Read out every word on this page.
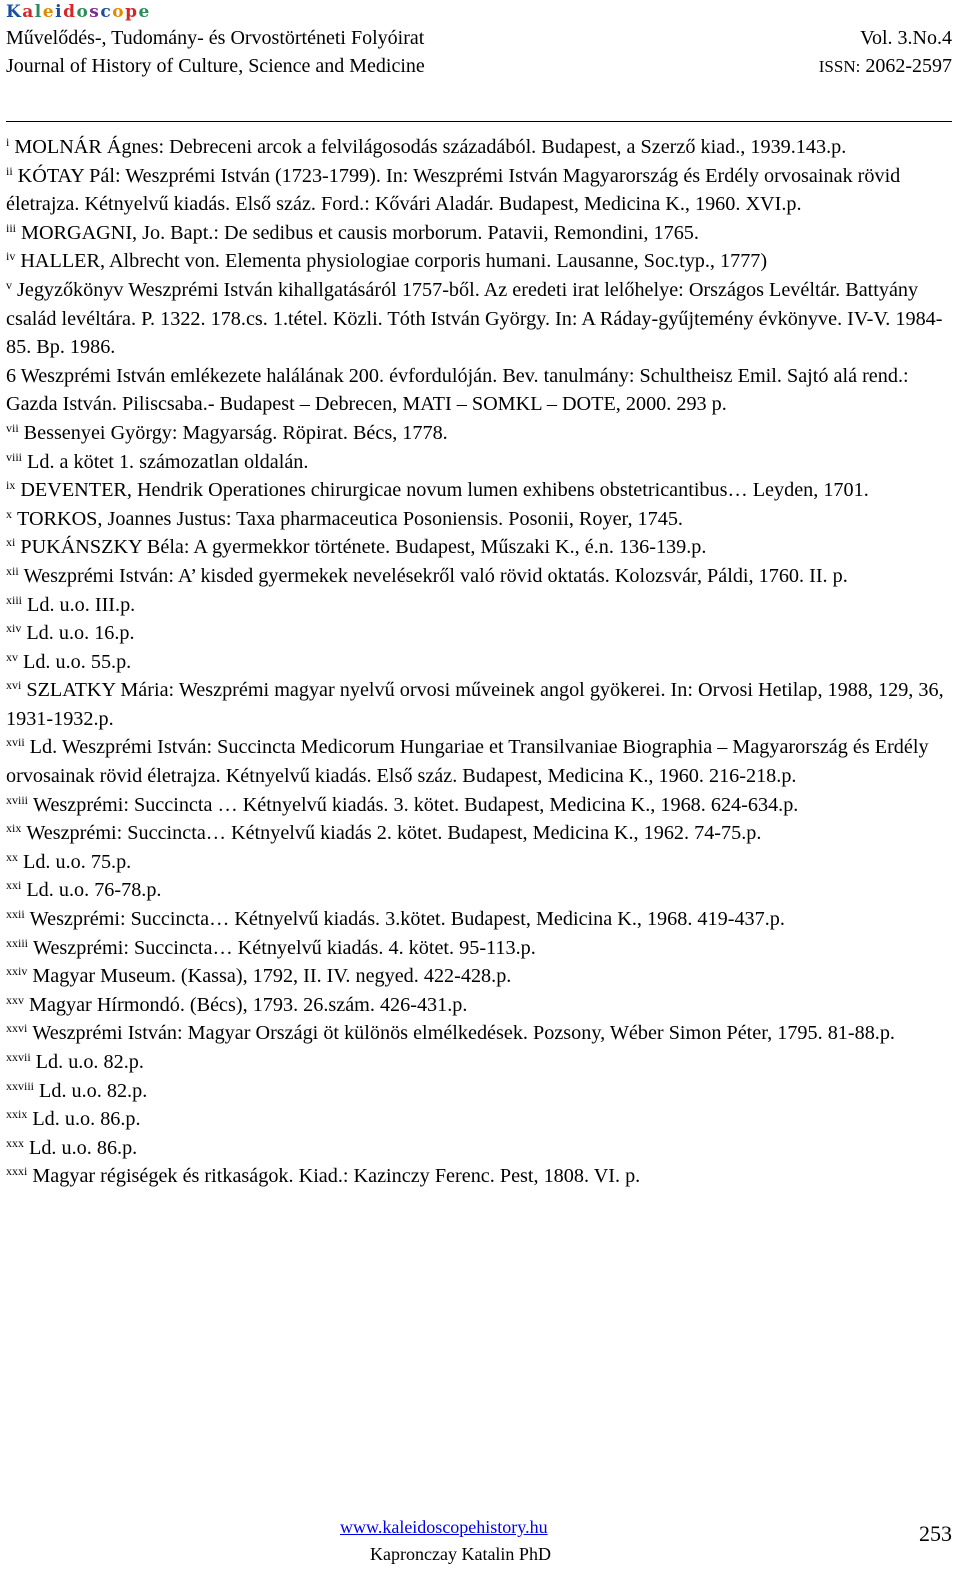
Kaleidoscope
Művelődés-, Tudomány- és Orvostörténeti Folyóirat
Journal of History of Culture, Science and Medicine
Vol. 3.No.4
ISSN: 2062-2597

$^i$ MOLNÁR Ágnes: Debreceni arcok a felvilágosodás századából. Budapest, a Szerző kiad., 1939.143.p.

$^{ii}$ KÓTAY Pál: Weszprémi István (1723-1799). In: Weszprémi István Magyarország és Erdély orvosainak rövid életrajza. Kétnyelvű kiadás. Első száz. Ford.: Kővári Aladár. Budapest, Medicina K., 1960. XVI.p.

$^{iii}$ MORGAGNI, Jo. Bapt.: De sedibus et causis morborum. Patavii, Remondini, 1765.

$^{iv}$ HALLER, Albrecht von. Elementa physiologiae corporis humani. Lausanne, Soc.typ., 1777)

$^v$ Jegyzőkönyv Weszprémi István kihallgatásáról 1757-ből. Az eredeti irat lelőhelye: Országos Levéltár. Battyány család levéltára. P. 1322. 178.cs. 1.tétel. Közli. Tóth István György. In: A Ráday-gyűjtemény évkönyve. IV-V. 1984-85. Bp. 1986.

6 Weszprémi István emlékezete halálának 200. évfordulóján. Bev. tanulmány: Schultheisz Emil. Sajtó alá rend.: Gazda István. Piliscsaba.- Budapest – Debrecen, MATI – SOMKL – DOTE, 2000. 293 p.

$^{vii}$ Bessenyei György: Magyarság. Röpirat. Bécs, 1778.

$^{viii}$ Ld. a kötet 1. számozatlan oldalán.

$^{ix}$ DEVENTER, Hendrik Operationes chirurgicae novum lumen exhibens obstetricantibus… Leyden, 1701.

$^x$ TORKOS, Joannes Justus: Taxa pharmaceutica Posoniensis. Posonii, Royer, 1745.

$^{xi}$ PUKÁNSZKY Béla: A gyermekkor története. Budapest, Műszaki K., é.n. 136-139.p.

$^{xii}$ Weszprémi István: A’ kisded gyermekek nevelésekről való rövid oktatás. Kolozsvár, Páldi, 1760. II. p.

$^{xiii}$ Ld. u.o. III.p.

$^{xiv}$ Ld. u.o. 16.p.

$^{xv}$ Ld. u.o. 55.p.

$^{xvi}$ SZLATKY Mária: Weszprémi magyar nyelvű orvosi műveinek angol gyökerei. In: Orvosi Hetilap, 1988, 129, 36, 1931-1932.p.

$^{xvii}$ Ld. Weszprémi István: Succincta Medicorum Hungariae et Transilvaniae Biographia – Magyarország és Erdély orvosainak rövid életrajza. Kétnyelvű kiadás. Első száz. Budapest, Medicina K., 1960. 216-218.p.

$^{xviii}$ Weszprémi: Succincta … Kétnyelvű kiadás. 3. kötet. Budapest, Medicina K., 1968. 624-634.p.

$^{xix}$ Weszprémi: Succincta… Kétnyelvű kiadás 2. kötet. Budapest, Medicina K., 1962. 74-75.p.

$^{xx}$ Ld. u.o. 75.p.

$^{xxi}$ Ld. u.o. 76-78.p.

$^{xxii}$ Weszprémi: Succincta… Kétnyelvű kiadás. 3.kötet. Budapest, Medicina K., 1968. 419-437.p.

$^{xxiii}$ Weszprémi: Succincta… Kétnyelvű kiadás. 4. kötet. 95-113.p.

$^{xxiv}$ Magyar Museum. (Kassa), 1792, II. IV. negyed. 422-428.p.

$^{xxv}$ Magyar Hírmondó. (Bécs), 1793. 26.szám. 426-431.p.

$^{xxvi}$ Weszprémi István: Magyar Országi öt különös elmélkedések. Pozsony, Wéber Simon Péter, 1795. 81-88.p.

$^{xxvii}$ Ld. u.o. 82.p.

$^{xxviii}$ Ld. u.o. 82.p.

$^{xxix}$ Ld. u.o. 86.p.

$^{xxx}$ Ld. u.o. 86.p.

$^{xxxi}$ Magyar régiségek és ritkaságok. Kiad.: Kazinczy Ferenc. Pest, 1808. VI. p.

www.kaleidoscopehistory.hu
Kapronczay Katalin PhD
253
